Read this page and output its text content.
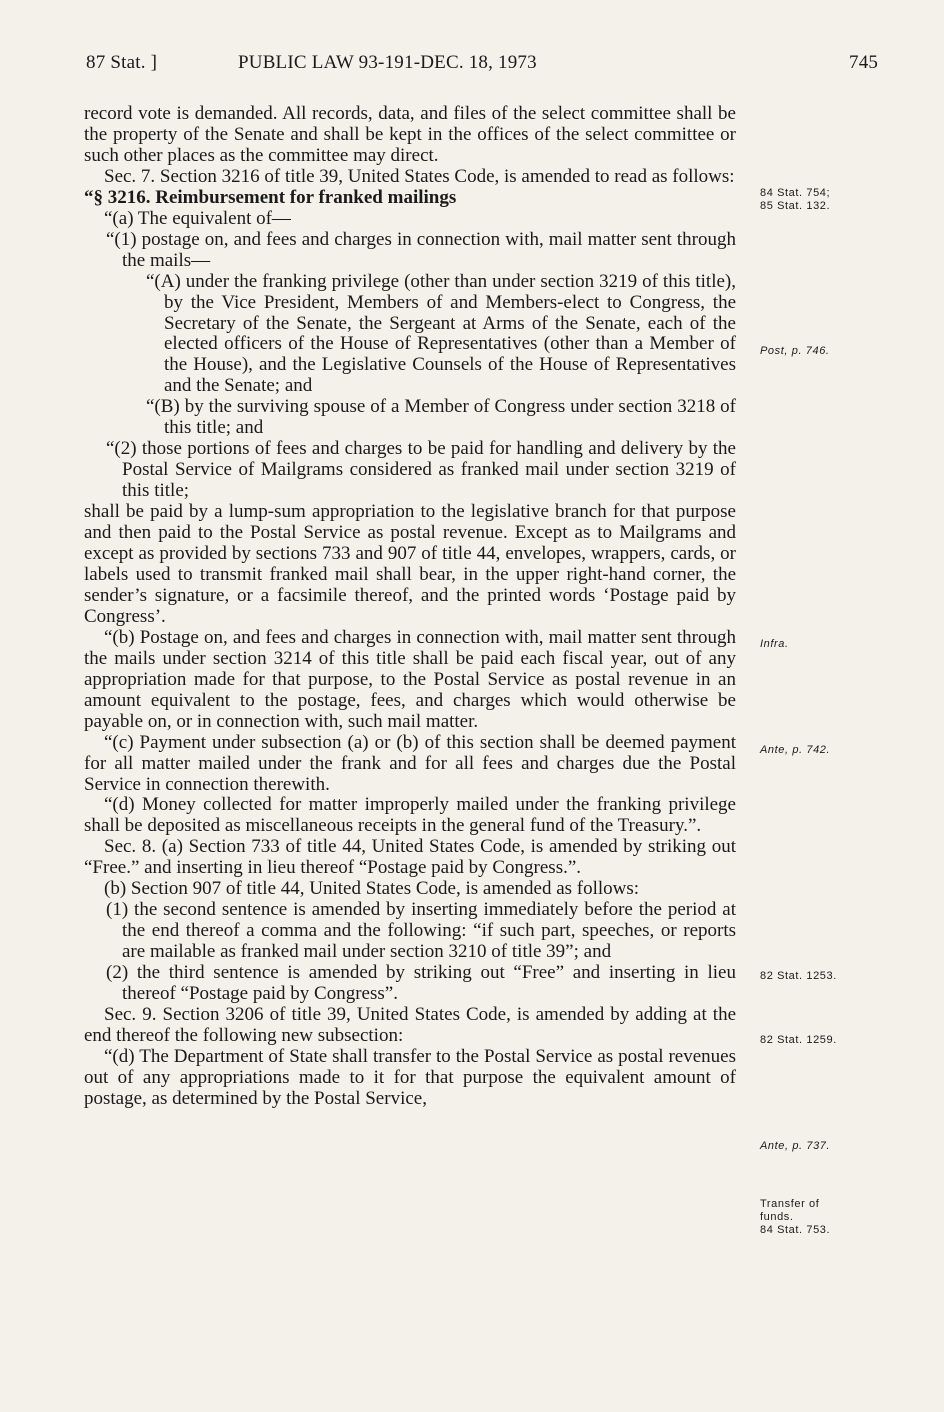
87 Stat. ]	PUBLIC LAW 93-191-DEC. 18, 1973	745

record vote is demanded. All records, data, and files of the select committee shall be the property of the Senate and shall be kept in the offices of the select committee or such other places as the committee may direct.

Sec. 7. Section 3216 of title 39, United States Code, is amended to read as follows:

“§ 3216. Reimbursement for franked mailings

“(a) The equivalent of—

“(1) postage on, and fees and charges in connection with, mail matter sent through the mails—

“(A) under the franking privilege (other than under section 3219 of this title), by the Vice President, Members of and Members-elect to Congress, the Secretary of the Senate, the Sergeant at Arms of the Senate, each of the elected officers of the House of Representatives (other than a Member of the House), and the Legislative Counsels of the House of Representatives and the Senate; and

“(B) by the surviving spouse of a Member of Congress under section 3218 of this title; and

“(2) those portions of fees and charges to be paid for handling and delivery by the Postal Service of Mailgrams considered as franked mail under section 3219 of this title;

shall be paid by a lump-sum appropriation to the legislative branch for that purpose and then paid to the Postal Service as postal revenue. Except as to Mailgrams and except as provided by sections 733 and 907 of title 44, envelopes, wrappers, cards, or labels used to transmit franked mail shall bear, in the upper right-hand corner, the sender’s signature, or a facsimile thereof, and the printed words ‘Postage paid by Congress’.

“(b) Postage on, and fees and charges in connection with, mail matter sent through the mails under section 3214 of this title shall be paid each fiscal year, out of any appropriation made for that purpose, to the Postal Service as postal revenue in an amount equivalent to the postage, fees, and charges which would otherwise be payable on, or in connection with, such mail matter.

“(c) Payment under subsection (a) or (b) of this section shall be deemed payment for all matter mailed under the frank and for all fees and charges due the Postal Service in connection therewith.

“(d) Money collected for matter improperly mailed under the franking privilege shall be deposited as miscellaneous receipts in the general fund of the Treasury.”.

Sec. 8. (a) Section 733 of title 44, United States Code, is amended by striking out “Free.” and inserting in lieu thereof “Postage paid by Congress.”.

(b) Section 907 of title 44, United States Code, is amended as follows:

(1) the second sentence is amended by inserting immediately before the period at the end thereof a comma and the following: “if such part, speeches, or reports are mailable as franked mail under section 3210 of title 39”; and

(2) the third sentence is amended by striking out “Free” and inserting in lieu thereof “Postage paid by Congress”.

Sec. 9. Section 3206 of title 39, United States Code, is amended by adding at the end thereof the following new subsection:

“(d) The Department of State shall transfer to the Postal Service as postal revenues out of any appropriations made to it for that purpose the equivalent amount of postage, as determined by the Postal Service,

84 Stat. 754;
85 Stat. 132.
Post, p. 746.
Infra.
Ante, p. 742.
82 Stat. 1253.
82 Stat. 1259.
Ante, p. 737.
Transfer of
funds.
84 Stat. 753.
